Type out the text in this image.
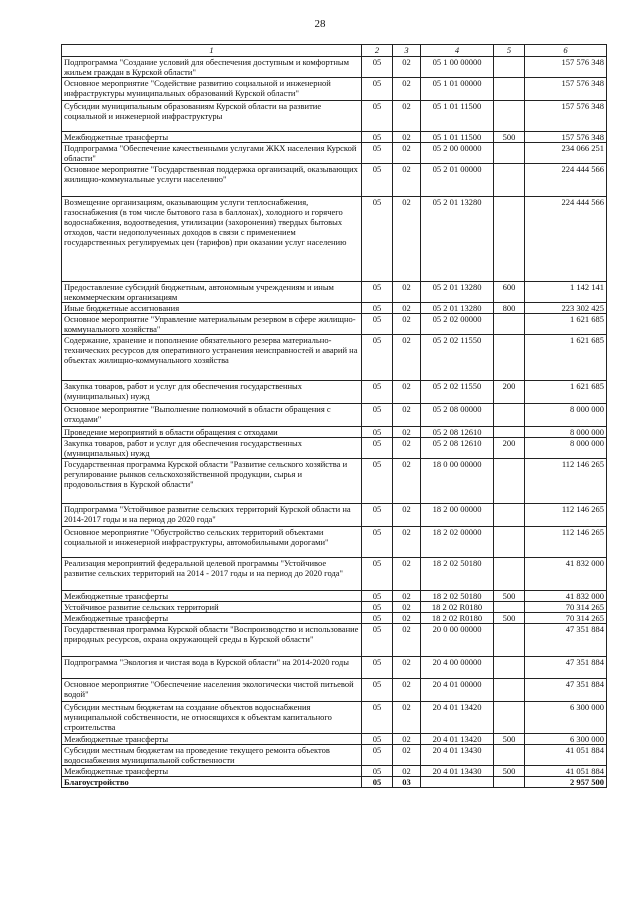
28
1	2	3	4	5	6
Подпрограмма "Создание условий для обеспечения доступным и комфортным жильем граждан в Курской области"	05	02	05 1 00 00000		157 576 348
Основное мероприятие "Содействие развитию социальной и инженерной инфраструктуры муниципальных образований Курской области"	05	02	05 1 01 00000		157 576 348
Субсидии муниципальным образованиям Курской области на развитие социальной и инженерной инфраструктуры	05	02	05 1 01 11500		157 576 348
Межбюджетные трансферты	05	02	05 1 01 11500	500	157 576 348
Подпрограмма "Обеспечение качественными услугами ЖКХ населения Курской области"	05	02	05 2 00 00000		234 066 251
Основное мероприятие "Государственная поддержка организаций, оказывающих жилищно-коммунальные услуги населению"	05	02	05 2 01 00000		224 444 566
Возмещение организациям, оказывающим услуги теплоснабжения, газоснабжения (в том числе бытового газа в баллонах), холодного и горячего водоснабжения, водоотведения, утилизации (захоронения) твердых бытовых отходов, части недополученных доходов в связи с применением государственных регулируемых цен (тарифов) при оказании услуг населению	05	02	05 2 01 13280		224 444 566
Предоставление субсидий бюджетным, автономным учреждениям и иным некоммерческим организациям	05	02	05 2 01 13280	600	1 142 141
Иные бюджетные ассигнования	05	02	05 2 01 13280	800	223 302 425
Основное мероприятие "Управление материальным резервом в сфере жилищно-коммунального хозяйства"	05	02	05 2 02 00000		1 621 685
Содержание, хранение и пополнение обязательного резерва материально-технических ресурсов для оперативного устранения неисправностей и аварий на объектах жилищно-коммунального хозяйства	05	02	05 2 02 11550		1 621 685
Закупка товаров, работ и услуг для обеспечения государственных (муниципальных) нужд	05	02	05 2 02 11550	200	1 621 685
Основное мероприятие "Выполнение полномочий в области обращения с отходами"	05	02	05 2 08 00000		8 000 000
Проведение мероприятий в области обращения с отходами	05	02	05 2 08 12610		8 000 000
Закупка товаров, работ и услуг для обеспечения государственных (муниципальных) нужд	05	02	05 2 08 12610	200	8 000 000
Государственная программа Курской области "Развитие сельского хозяйства и регулирование рынков сельскохозяйственной продукции, сырья и продовольствия в Курской области"	05	02	18 0 00 00000		112 146 265
Подпрограмма "Устойчивое развитие сельских территорий Курской области на 2014-2017 годы и на период до 2020 года"	05	02	18 2 00 00000		112 146 265
Основное мероприятие "Обустройство сельских территорий объектами социальной и инженерной инфраструктуры, автомобильными дорогами"	05	02	18 2 02 00000		112 146 265
Реализация мероприятий федеральной целевой программы "Устойчивое развитие сельских территорий на 2014 - 2017 годы и на период до 2020 года"	05	02	18 2 02 50180		41 832 000
Межбюджетные трансферты	05	02	18 2 02 50180	500	41 832 000
Устойчивое развитие сельских территорий	05	02	18 2 02 R0180		70 314 265
Межбюджетные трансферты	05	02	18 2 02 R0180	500	70 314 265
Государственная программа Курской области "Воспроизводство и использование природных ресурсов, охрана окружающей среды в Курской области"	05	02	20 0 00 00000		47 351 884
Подпрограмма "Экология и чистая вода в Курской области" на 2014-2020 годы	05	02	20 4 00 00000		47 351 884
Основное мероприятие "Обеспечение населения экологически чистой питьевой водой"	05	02	20 4 01 00000		47 351 884
Субсидии местным бюджетам на создание объектов водоснабжения муниципальной собственности, не относящихся к объектам капитального строительства	05	02	20 4 01 13420		6 300 000
Межбюджетные трансферты	05	02	20 4 01 13420	500	6 300 000
Субсидии местным бюджетам на проведение текущего ремонта объектов водоснабжения муниципальной собственности	05	02	20 4 01 13430		41 051 884
Межбюджетные трансферты	05	02	20 4 01 13430	500	41 051 884
Благоустройство	05	03			2 957 500
